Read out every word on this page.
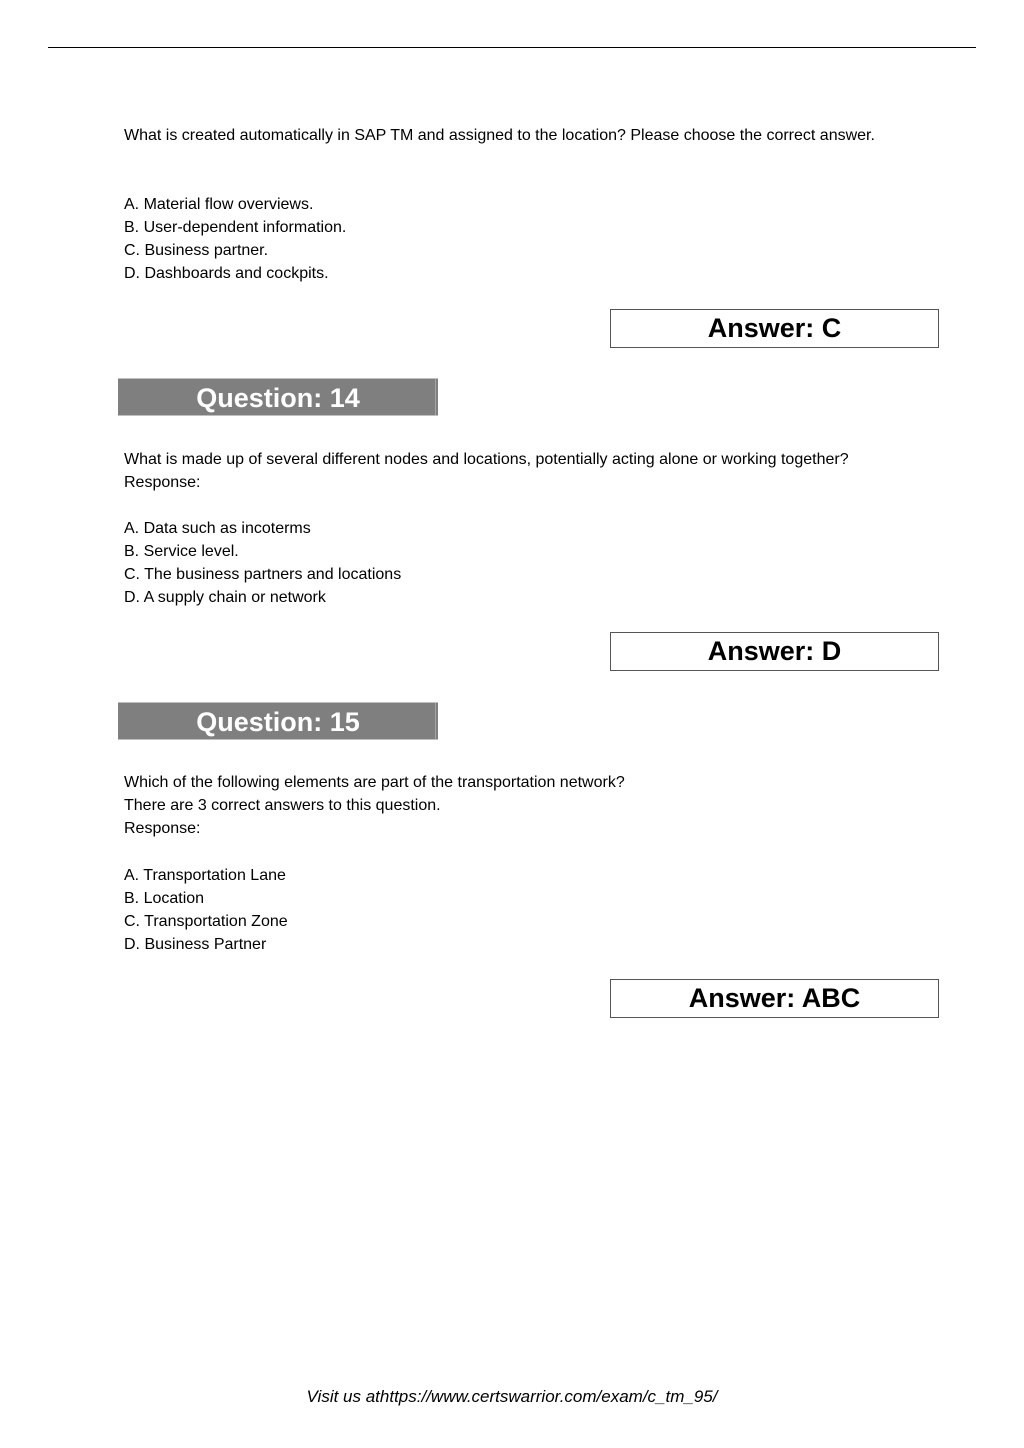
What is created automatically in SAP TM and assigned to the location? Please choose the correct answer.
A. Material flow overviews.
B. User-dependent information.
C. Business partner.
D. Dashboards and cockpits.
Answer: C
Question: 14
What is made up of several different nodes and locations, potentially acting alone or working together?
Response:
A. Data such as incoterms
B. Service level.
C. The business partners and locations
D. A supply chain or network
Answer: D
Question: 15
Which of the following elements are part of the transportation network?
There are 3 correct answers to this question.
Response:
A. Transportation Lane
B. Location
C. Transportation Zone
D. Business Partner
Answer: ABC
Visit us athttps://www.certswarrior.com/exam/c_tm_95/
